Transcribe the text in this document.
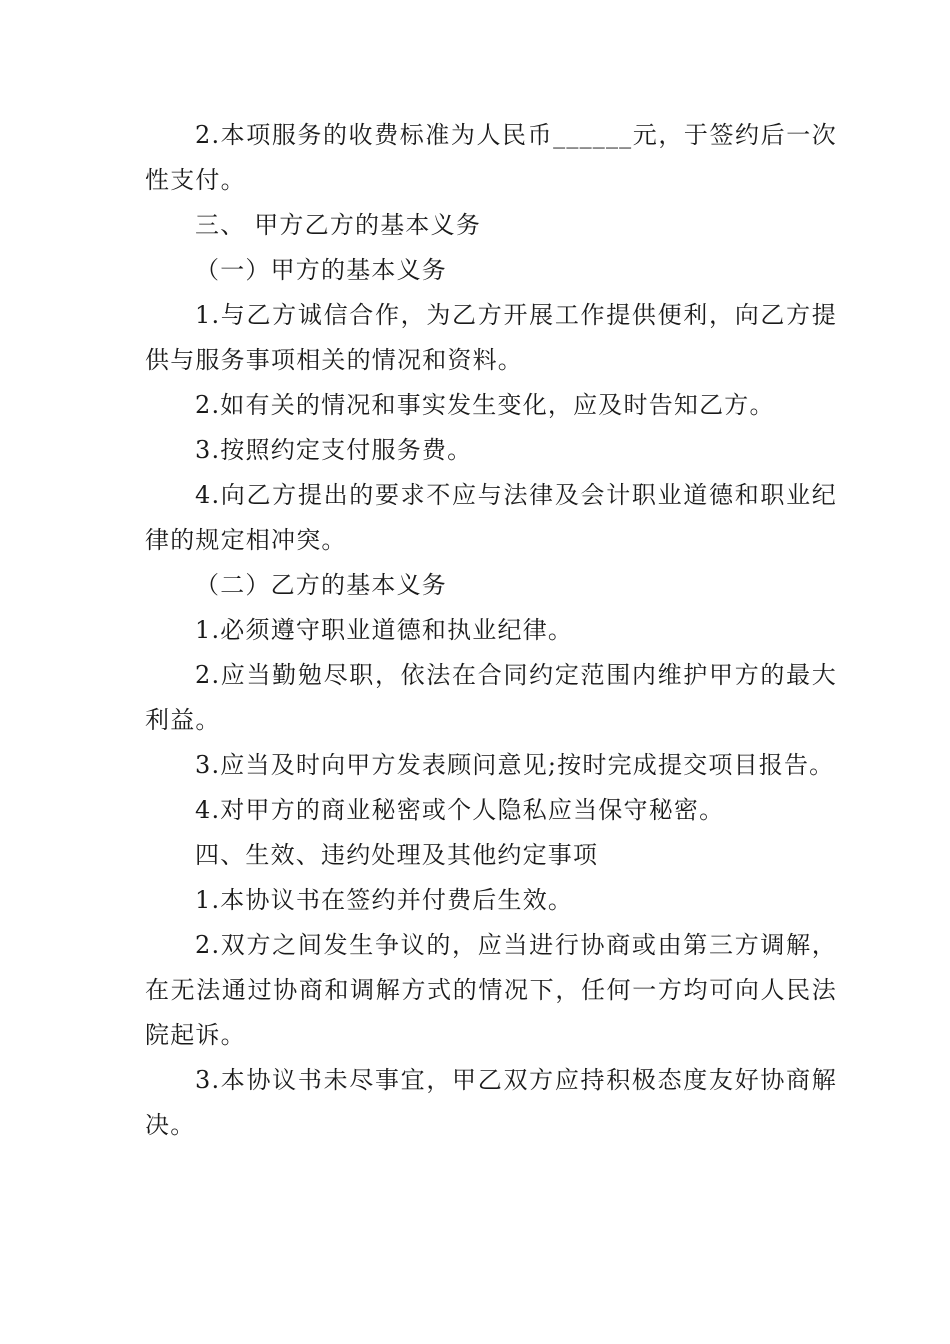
2.本项服务的收费标准为人民币______元，于签约后一次性支付。

三、 甲方乙方的基本义务

（一）甲方的基本义务

1.与乙方诚信合作，为乙方开展工作提供便利，向乙方提供与服务事项相关的情况和资料。

2.如有关的情况和事实发生变化，应及时告知乙方。

3.按照约定支付服务费。

4.向乙方提出的要求不应与法律及会计职业道德和职业纪律的规定相冲突。

（二）乙方的基本义务

1.必须遵守职业道德和执业纪律。

2.应当勤勉尽职，依法在合同约定范围内维护甲方的最大利益。

3.应当及时向甲方发表顾问意见;按时完成提交项目报告。

4.对甲方的商业秘密或个人隐私应当保守秘密。

四、生效、违约处理及其他约定事项

1.本协议书在签约并付费后生效。

2.双方之间发生争议的，应当进行协商或由第三方调解，在无法通过协商和调解方式的情况下，任何一方均可向人民法院起诉。

3.本协议书未尽事宜，甲乙双方应持积极态度友好协商解决。
